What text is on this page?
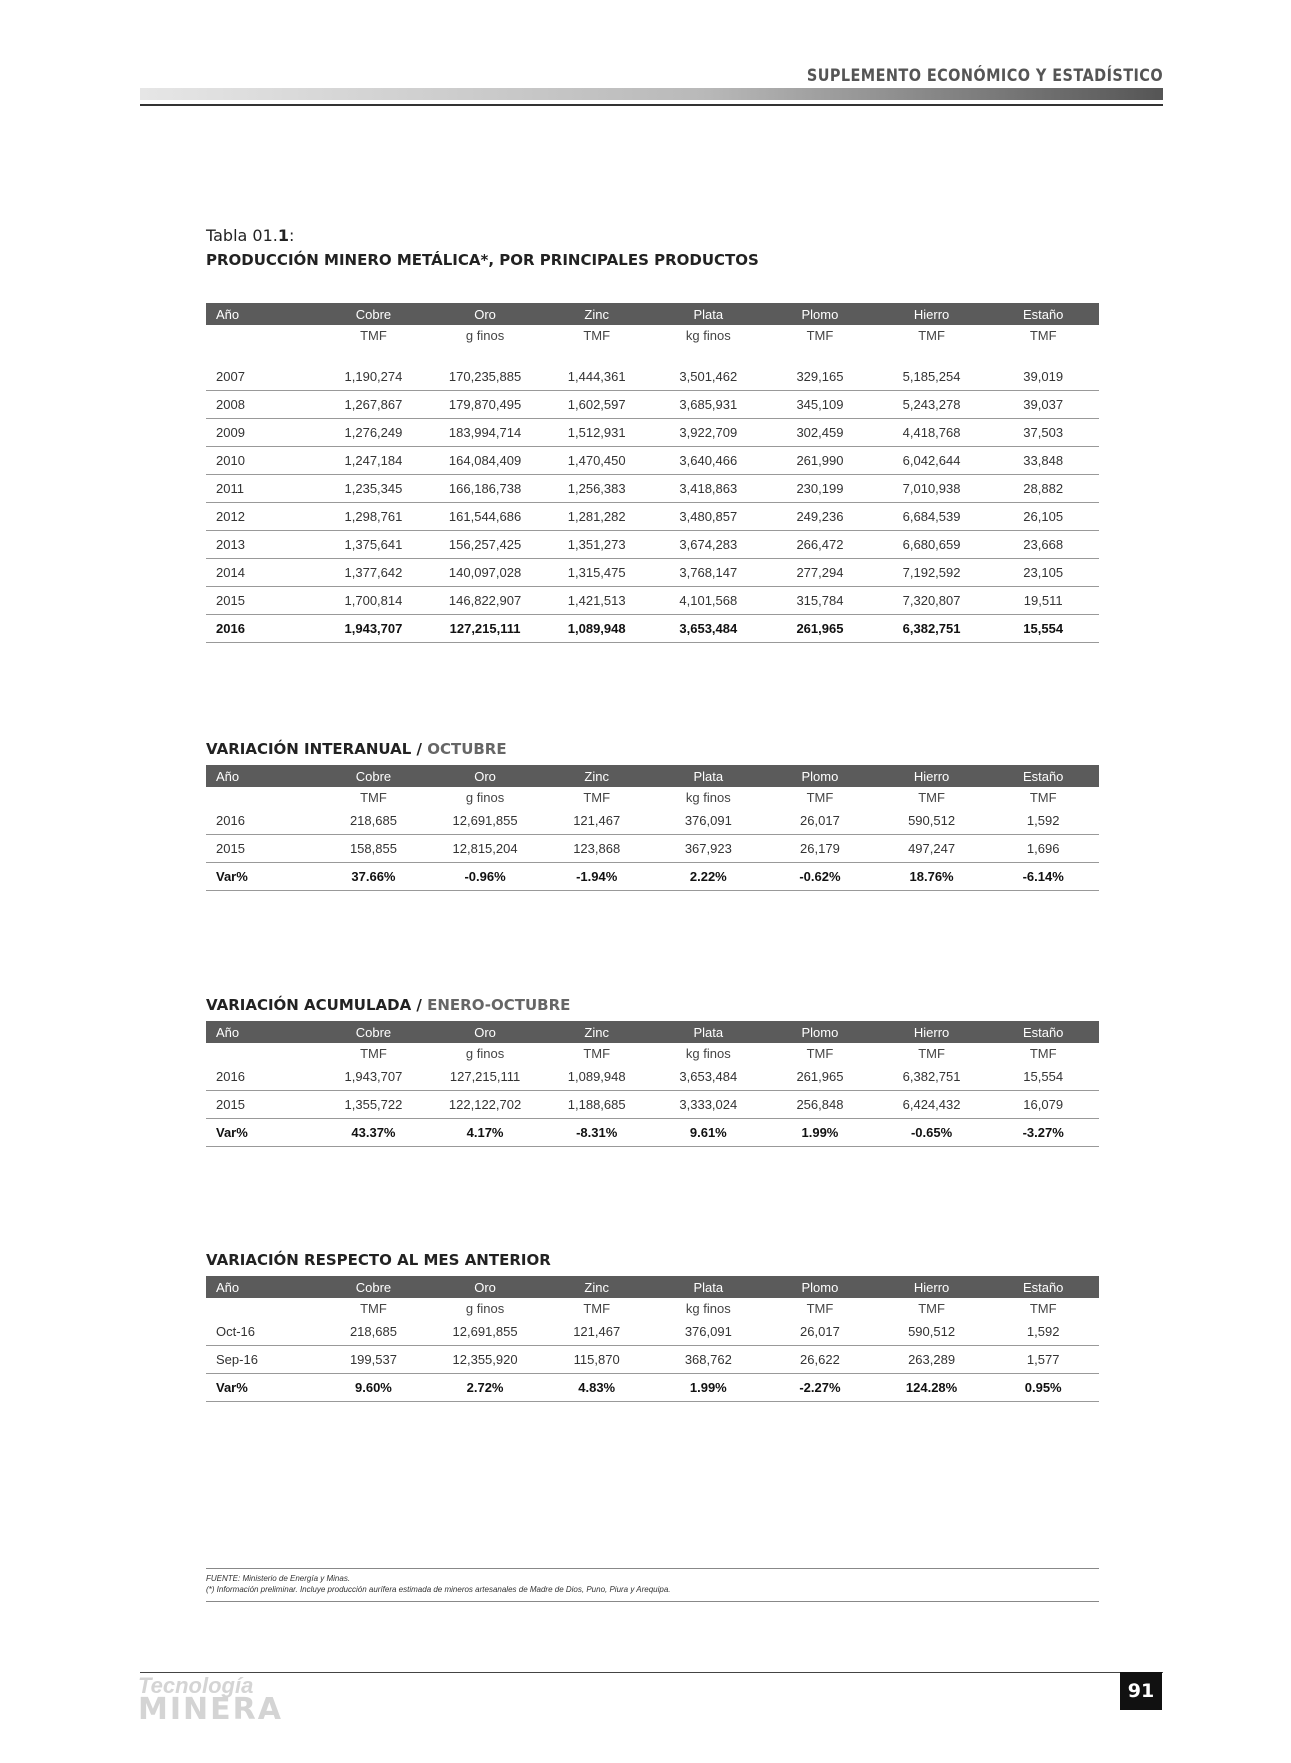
SUPLEMENTO ECONÓMICO Y ESTADÍSTICO
Tabla 01.1:
PRODUCCIÓN MINERO METÁLICA*, POR PRINCIPALES PRODUCTOS
Año	Cobre	Oro	Zinc	Plata	Plomo	Hierro	Estaño
	TMF	g finos	TMF	kg finos	TMF	TMF	TMF

2007	1,190,274	170,235,885	1,444,361	3,501,462	329,165	5,185,254	39,019
2008	1,267,867	179,870,495	1,602,597	3,685,931	345,109	5,243,278	39,037
2009	1,276,249	183,994,714	1,512,931	3,922,709	302,459	4,418,768	37,503
2010	1,247,184	164,084,409	1,470,450	3,640,466	261,990	6,042,644	33,848
2011	1,235,345	166,186,738	1,256,383	3,418,863	230,199	7,010,938	28,882
2012	1,298,761	161,544,686	1,281,282	3,480,857	249,236	6,684,539	26,105
2013	1,375,641	156,257,425	1,351,273	3,674,283	266,472	6,680,659	23,668
2014	1,377,642	140,097,028	1,315,475	3,768,147	277,294	7,192,592	23,105
2015	1,700,814	146,822,907	1,421,513	4,101,568	315,784	7,320,807	19,511
2016	1,943,707	127,215,111	1,089,948	3,653,484	261,965	6,382,751	15,554
VARIACIÓN INTERANUAL / OCTUBRE
Año	Cobre	Oro	Zinc	Plata	Plomo	Hierro	Estaño
	TMF	g finos	TMF	kg finos	TMF	TMF	TMF
2016	218,685	12,691,855	121,467	376,091	26,017	590,512	1,592
2015	158,855	12,815,204	123,868	367,923	26,179	497,247	1,696
Var%	37.66%	-0.96%	-1.94%	2.22%	-0.62%	18.76%	-6.14%
VARIACIÓN ACUMULADA / ENERO-OCTUBRE
Año	Cobre	Oro	Zinc	Plata	Plomo	Hierro	Estaño
	TMF	g finos	TMF	kg finos	TMF	TMF	TMF
2016	1,943,707	127,215,111	1,089,948	3,653,484	261,965	6,382,751	15,554
2015	1,355,722	122,122,702	1,188,685	3,333,024	256,848	6,424,432	16,079
Var%	43.37%	4.17%	-8.31%	9.61%	1.99%	-0.65%	-3.27%
VARIACIÓN RESPECTO AL MES ANTERIOR
Año	Cobre	Oro	Zinc	Plata	Plomo	Hierro	Estaño
	TMF	g finos	TMF	kg finos	TMF	TMF	TMF
Oct-16	218,685	12,691,855	121,467	376,091	26,017	590,512	1,592
Sep-16	199,537	12,355,920	115,870	368,762	26,622	263,289	1,577
Var%	9.60%	2.72%	4.83%	1.99%	-2.27%	124.28%	0.95%
FUENTE: Ministerio de Energía y Minas.
(*) Información preliminar. Incluye producción aurífera estimada de mineros artesanales de Madre de Dios, Puno, Piura y Arequipa.
Tecnología
MINERA
91
